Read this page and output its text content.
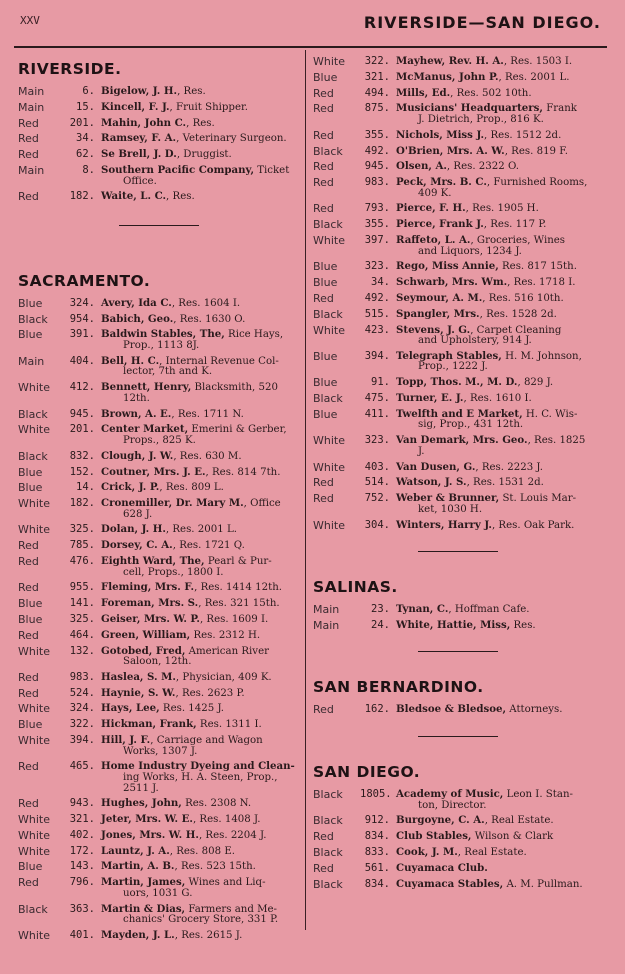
XXV	RIVERSIDE—SAN DIEGO.
RIVERSIDE.
Main	6. Bigelow, J. H., Res.
Main	15. Kincell, F. J., Fruit Shipper.
Red	201. Mahin, John C., Res.
Red	34. Ramsey, F. A., Veterinary Surgeon.
Red	62. Se Brell, J. D., Druggist.
Main	8. Southern Pacific Company, Ticket
Office.
Red	182. Waite, L. C., Res.
SACRAMENTO.
Blue	324. Avery, Ida C., Res. 1604 I.
Black	954. Babich, Geo., Res. 1630 O.
Blue	391. Baldwin Stables, The, Rice Hays,
Prop., 1113 8J.
Main	404. Bell, H. C., Internal Revenue Col-
lector, 7th and K.
White	412. Bennett, Henry, Blacksmith, 520
12th.
Black	945. Brown, A. E., Res. 1711 N.
White	201. Center Market, Emerini & Gerber,
Props., 825 K.
Black	832. Clough, J. W., Res. 630 M.
Blue	152. Coutner, Mrs. J. E., Res. 814 7th.
Blue	14. Crick, J. P., Res. 809 L.
White	182. Cronemiller, Dr. Mary M., Office
628 J.
White	325. Dolan, J. H., Res. 2001 L.
Red	785. Dorsey, C. A., Res. 1721 Q.
Red	476. Eighth Ward, The, Pearl & Pur-
cell, Props., 1800 I.
Red	955. Fleming, Mrs. F., Res. 1414 12th.
Blue	141. Foreman, Mrs. S., Res. 321 15th.
Blue	325. Geiser, Mrs. W. P., Res. 1609 I.
Red	464. Green, William, Res. 2312 H.
White	132. Gotobed, Fred, American River
Saloon, 12th.
Red	983. Haslea, S. M., Physician, 409 K.
Red	524. Haynie, S. W., Res. 2623 P.
White	324. Hays, Lee, Res. 1425 J.
Blue	322. Hickman, Frank, Res. 1311 I.
White	394. Hill, J. F., Carriage and Wagon
Works, 1307 J.
Red	465. Home Industry Dyeing and Clean-
ing Works, H. A. Steen, Prop., 2511 J.
Red	943. Hughes, John, Res. 2308 N.
White	321. Jeter, Mrs. W. E., Res. 1408 J.
White	402. Jones, Mrs. W. H., Res. 2204 J.
White	172. Launtz, J. A., Res. 808 E.
Blue	143. Martin, A. B., Res. 523 15th.
Red	796. Martin, James, Wines and Liq-
uors, 1031 G.
Black	363. Martin & Dias, Farmers and Me-
chanics' Grocery Store, 331 P.
White	401. Mayden, J. L., Res. 2615 J.
White	322. Mayhew, Rev. H. A., Res. 1503 I.
Blue	321. McManus, John P., Res. 2001 L.
Red	494. Mills, Ed., Res. 502 10th.
Red	875. Musicians' Headquarters, Frank
J. Dietrich, Prop., 816 K.
Red	355. Nichols, Miss J., Res. 1512 2d.
Black	492. O'Brien, Mrs. A. W., Res. 819 F.
Red	945. Olsen, A., Res. 2322 O.
Red	983. Peck, Mrs. B. C., Furnished Rooms,
409 K.
Red	793. Pierce, F. H., Res. 1905 H.
Black	355. Pierce, Frank J., Res. 117 P.
White	397. Raffeto, L. A., Groceries, Wines
and Liquors, 1234 J.
Blue	323. Rego, Miss Annie, Res. 817 15th.
Blue	34. Schwarb, Mrs. Wm., Res. 1718 I.
Red	492. Seymour, A. M., Res. 516 10th.
Black	515. Spangler, Mrs., Res. 1528 2d.
White	423. Stevens, J. G., Carpet Cleaning
and Upholstery, 914 J.
Blue	394. Telegraph Stables, H. M. Johnson,
Prop., 1222 J.
Blue	91. Topp, Thos. M., M. D., 829 J.
Black	475. Turner, E. J., Res. 1610 I.
Blue	411. Twelfth and E Market, H. C. Wis-
sig, Prop., 431 12th.
White	323. Van Demark, Mrs. Geo., Res. 1825
J.
White	403. Van Dusen, G., Res. 2223 J.
Red	514. Watson, J. S., Res. 1531 2d.
Red	752. Weber & Brunner, St. Louis Mar-
ket, 1030 H.
White	304. Winters, Harry J., Res. Oak Park.
SALINAS.
Main	23. Tynan, C., Hoffman Cafe.
Main	24. White, Hattie, Miss, Res.
SAN BERNARDINO.
Red	162. Bledsoe & Bledsoe, Attorneys.
SAN DIEGO.
Black	1805. Academy of Music, Leon I. Stan-
ton, Director.
Black	912. Burgoyne, C. A., Real Estate.
Red	834. Club Stables, Wilson & Clark
Black	833. Cook, J. M., Real Estate.
Red	561. Cuyamaca Club.
Black	834. Cuyamaca Stables, A. M. Pullman.
